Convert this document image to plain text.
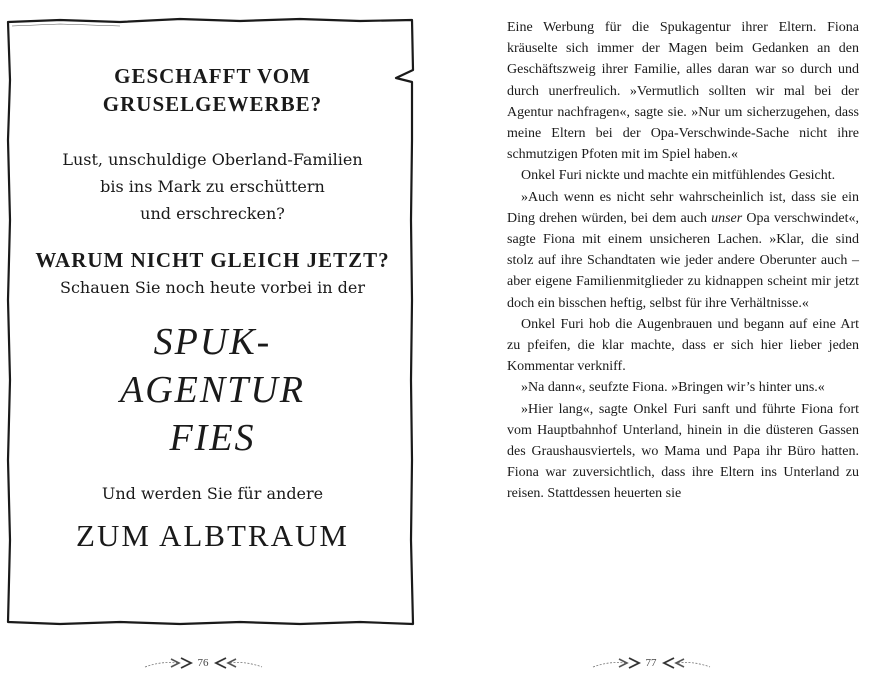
GESCHAFFT VOM
GRUSELGEWERBE?

Lust, unschuldige Oberland-Familien
bis ins Mark zu erschüttern
und erschrecken?

WARUM NICHT GLEICH JETZT?

Schauen Sie noch heute vorbei in der

SPUK-
AGENTUR
FIES

Und werden Sie für andere

ZUM ALBTRAUM
76

Eine Werbung für die Spukagentur ihrer Eltern. Fiona kräuselte sich immer der Magen beim Gedanken an den Geschäftszweig ihrer Familie, alles daran war so durch und durch unerfreulich. »Vermutlich sollten wir mal bei der Agentur nachfragen«, sagte sie. »Nur um sicherzugehen, dass meine Eltern bei der Opa-Verschwinde-Sache nicht ihre schmutzigen Pfoten mit im Spiel haben.«

Onkel Furi nickte und machte ein mitfühlendes Gesicht.

»Auch wenn es nicht sehr wahrscheinlich ist, dass sie ein Ding drehen würden, bei dem auch unser Opa verschwindet«, sagte Fiona mit einem unsicheren Lachen. »Klar, die sind stolz auf ihre Schandtaten wie jeder andere Oberunter auch – aber eigene Familienmitglieder zu kidnappen scheint mir jetzt doch ein bisschen heftig, selbst für ihre Verhältnisse.«

Onkel Furi hob die Augenbrauen und begann auf eine Art zu pfeifen, die klar machte, dass er sich hier lieber jeden Kommentar verkniff.

»Na dann«, seufzte Fiona. »Bringen wir’s hinter uns.«

»Hier lang«, sagte Onkel Furi sanft und führte Fiona fort vom Hauptbahnhof Unterland, hinein in die düsteren Gassen des Graushausviertels, wo Mama und Papa ihr Büro hatten. Fiona war zuversichtlich, dass ihre Eltern ins Unterland zu reisen. Stattdessen heuerten sie

77
